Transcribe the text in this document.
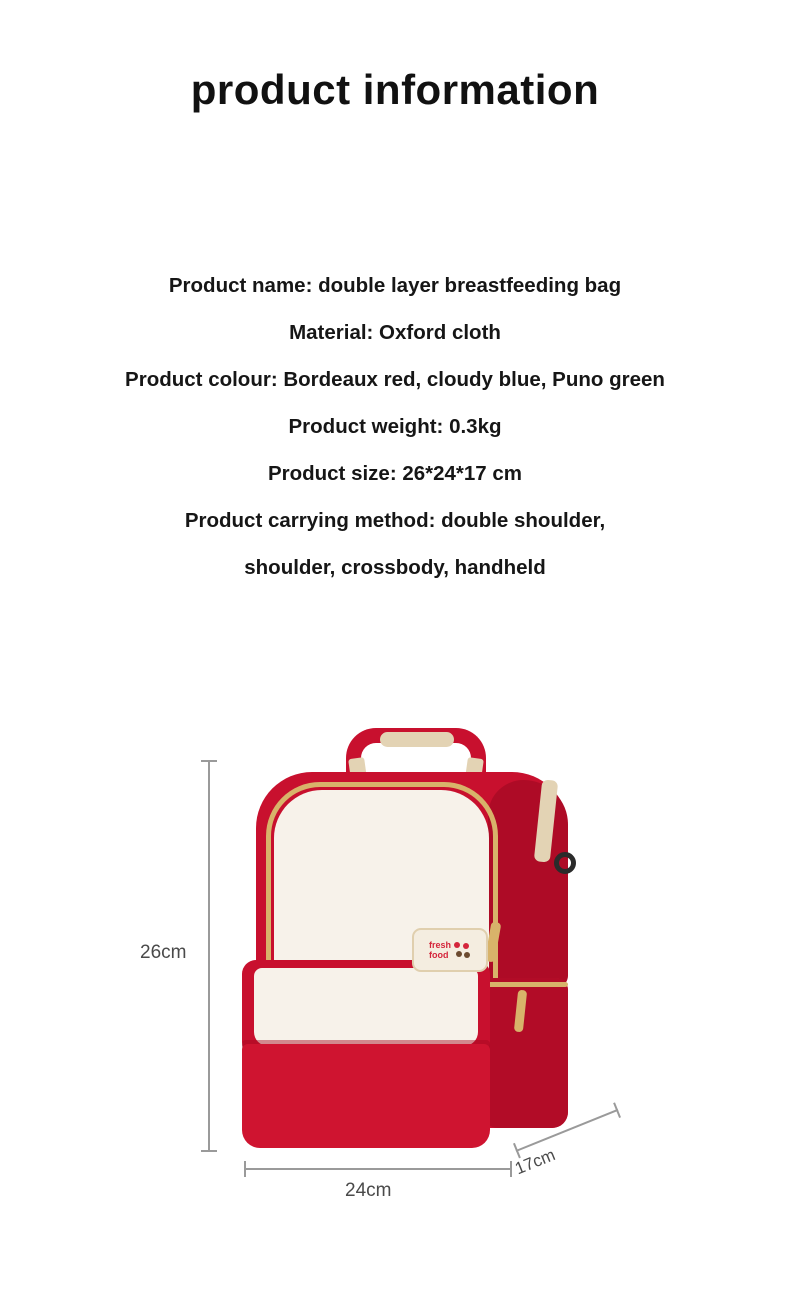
product information
Product name: double layer breastfeeding bag
Material: Oxford cloth
Product colour: Bordeaux red, cloudy blue, Puno green
Product weight: 0.3kg
Product size: 26*24*17 cm
Product carrying method: double shoulder,
shoulder, crossbody, handheld
fresh
food
26cm
24cm
17cm
